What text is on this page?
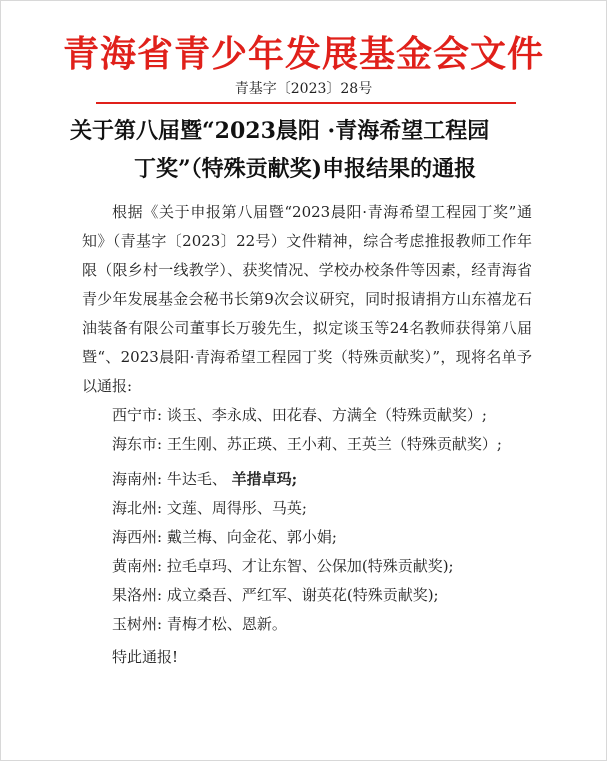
青海省青少年发展基金会文件
青基字〔2023〕28号
关于第八届暨“2023晨阳 ·青海希望工程园
丁奖”（特殊贡献奖)申报结果的通报

根据《关于申报第八届暨“2023晨阳·青海希望工程园丁奖”通知》（青基字〔2023〕22号）文件精神，综合考虑推报教师工作年限（限乡村一线教学）、获奖情况、学校办校条件等因素，经青海省青少年发展基金会秘书长第9次会议研究，同时报请捐方山东禧龙石油装备有限公司董事长万骏先生，拟定谈玉等24名教师获得第八届暨“、2023晨阳·青海希望工程园丁奖（特殊贡献奖）”，现将名单予以通报:

西宁市: 谈玉、李永成、田花春、方满全（特殊贡献奖）;
海东市: 王生刚、苏正瑛、王小莉、王英兰（特殊贡献奖）;
海南州: 牛达毛、 羊措卓玛;
海北州: 文莲、周得彤、马英;
海西州: 戴兰梅、向金花、郭小娟;
黄南州: 拉毛卓玛、才让东智、公保加(特殊贡献奖);
果洛州: 成立桑吾、严红军、谢英花(特殊贡献奖);
玉树州: 青梅才松、恩新。
特此通报!
